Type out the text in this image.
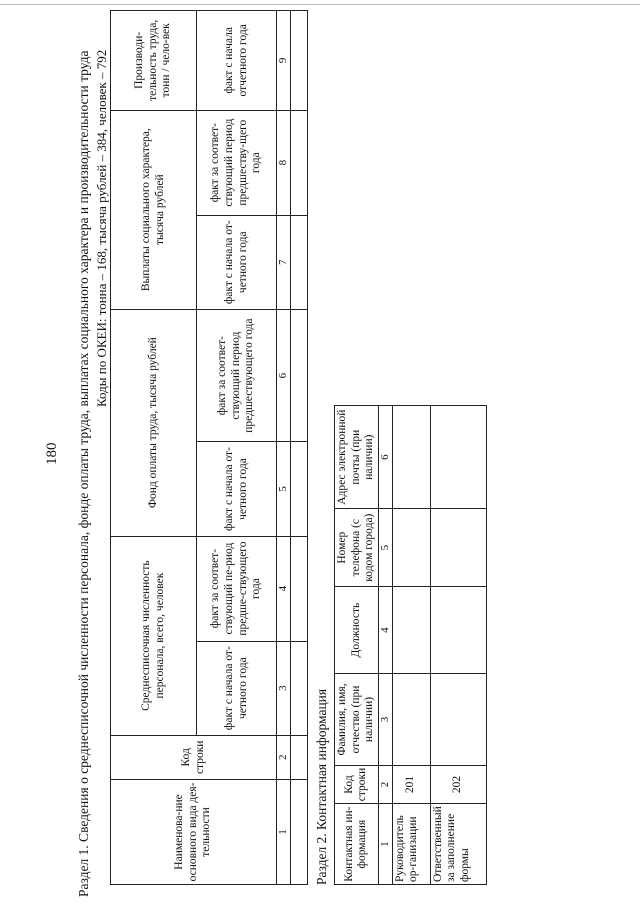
180 Раздел 1. Сведения о среднесписочной численности персонала, фонде оплаты труда, выплатах социального характера и производительности труда Коды по ОКЕИ: тонна – 168, тысяча рублей – 384, человек – 792
Наименова-ние основного вида дея-тельности	Код строки	Среднесписочная численность персонала, всего, человек		Фонд оплаты труда, тысяча рублей		Выплаты социального характера, тысяча рублей		Производи-тельность труда, тонн / чело-век
		факт с начала от-четного года	факт за соответ-ствующий пе-риод предше-ствующего года	факт с начала от-четного года	факт за соответ-ствующий период предшествующего года	факт с начала от-четного года	факт за соответ-ствующий период предшеству-щего года	факт с начала отчетного года
1	2	3	4	5	6	7	8	9

Раздел 2. Контактная информация Контактная ин-формация	Код строки	Фамилия, имя, отчество (при наличии)	Должность	Номер телефона (с кодом города)	Адрес электронной почты (при наличии)
1	2	3	4	5	6
Руководитель ор-ганизации	201				
Ответственный за заполнение формы	202				
